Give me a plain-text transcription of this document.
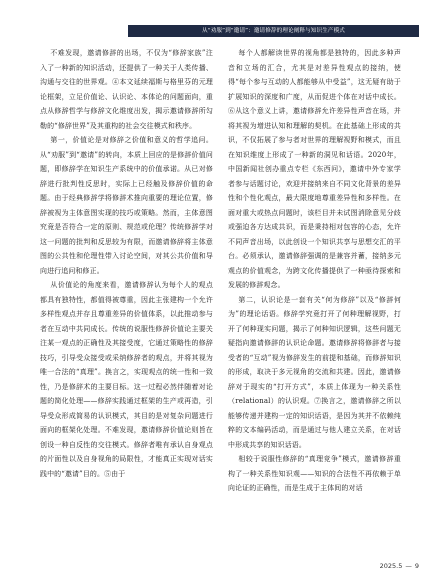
从“劝服”到“邀请”：邀请修辞的理论阐释与知识生产模式

不难发现，邀请修辞的出场，不仅为“修辞家族”注入了一种新的知识活动，还提供了一种关于人类传播、沟通与交往的世界观。④本文延续福斯与格里芬的元理论框架，立足价值论、认识论、本体论的问题面向，重点从修辞哲学与修辞文化维度出发，揭示邀请修辞所勾勒的“修辞世界”及其重构的社会交往模式和秩序。

第一，价值论是对修辞之价值和意义的哲学追问。从“劝服”到“邀请”的转向，本质上回应的是修辞价值问题，即修辞学在知识生产系统中的价值承诺。从已对修辞进行批判性反思时，实际上已经触及修辞价值的命题。由于经典修辞学将修辞术推向重要的理论位置，修辞被视为主体意图实现的技巧或策略。然而，主体意图究竟是否符合一定的原则、规范或伦理？传统修辞学对这一问题的批判和反思较为有限，而邀请修辞将主体意图的公共性和伦理性带入讨论空间，对其公共价值和导向进行追问和修正。

从价值论的角度来看，邀请修辞认为每个人的观点都具有独特性，都值得被尊重，因此主张建构一个允许多样性观点并存且尊重差异的价值体系，以此推动参与者在互动中共同成长。传统的说服性修辞价值论主要关注某一观点的正确性及其接受度，它通过策略性的修辞技巧，引导受众接受或采纳修辞者的观点，并将其视为唯一合法的“真理”。换言之，实现观点的统一性和一致性，乃是修辞术的主要目标。这一过程必然伴随着对论题的简化处理——修辞实践通过框架的生产或再造，引导受众形成简易的认识模式，其目的是对复杂问题进行面向的框架化处理。不难发现，邀请修辞价值论则旨在创设一种自反性的交往模式。修辞者唯有承认自身观点的片面性以及自身视角的局限性，才能真正实现对话实践中的“邀请”目的。⑤由于

每个人都解读世界的视角都是独特的，因此多种声音和立场的汇合，尤其是对差异性观点的接纳，使得“每个参与互动的人都能够从中受益”，这无疑有助于扩展知识的深度和广度，从而促进个体在对话中成长。⑥从这个意义上讲，邀请修辞允许差异性声音在场，并将其视为增进认知和理解的契机。在此基础上形成的共识，不仅拓展了参与者对世界的理解视野和模式，而且在知识维度上形成了一种新的洞见和话语。2020年，中国新闻社创办重点专栏《东西问》，邀请中外专家学者参与话题讨论，欢迎并接纳来自不同文化背景的差异性和个性化观点，最大限度地尊重差异性和多样性。在面对重大或热点问题时，该栏目并未试图消除意见分歧或强迫各方达成共识，而是秉持相对包容的心态，允许不同声音出场，以此创设一个知识共享与思想交汇的平台。必须承认，邀请修辞强调的是兼容并蓄，接纳多元观点的价值观念，为跨文化传播提供了一种亟待探索和发展的修辞观念。

第二，认识论是一套有关“何为修辞”以及“修辞何为”的理论话语。修辞学究竟打开了何种理解视野，打开了何种现实问题，揭示了何种知识逻辑，这些问题无疑指向邀请修辞的认识论命题。邀请修辞将修辞者与接受者的“互动”视为修辞发生的前提和基础，而修辞知识的形成，取决于多元视角的交流和共建。因此，邀请修辞对于现实的“打开方式”，本质上体现为一种关系性（relational）的认识观。⑦换言之，邀请修辞之所以能够传递并建构一定的知识话语，是因为其并不依赖纯粹的文本编码活动，而是通过与他人建立关系，在对话中形成共享的知识话语。

相较于说服性修辞的“真理竞争”模式，邀请修辞重构了一种关系性知识观——知识的合法性不再依赖于单向论证的正确性，而是生成于主体间的对话

2025.5 — 9
